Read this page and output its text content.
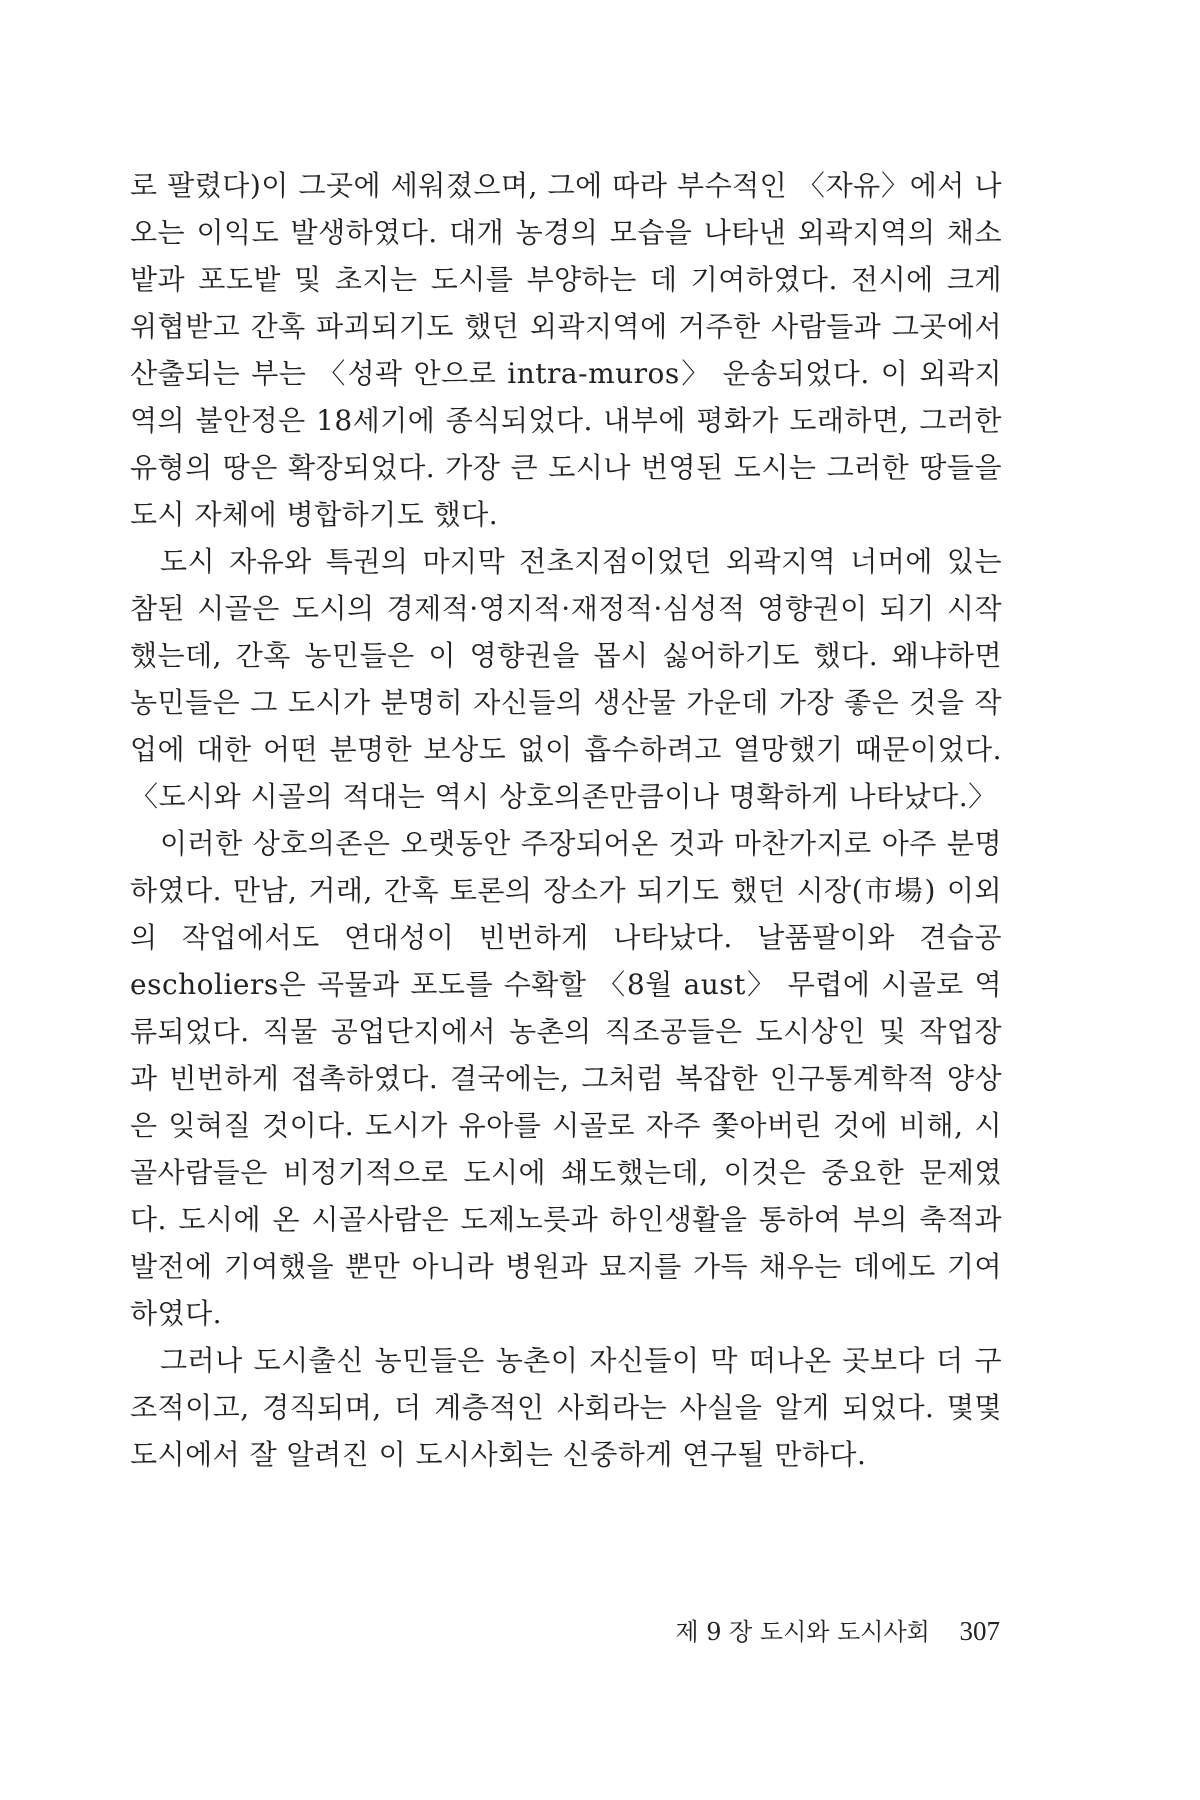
로 팔렸다)이 그곳에 세워졌으며, 그에 따라 부수적인 〈자유〉에서 나오는 이익도 발생하였다. 대개 농경의 모습을 나타낸 외곽지역의 채소밭과 포도밭 및 초지는 도시를 부양하는 데 기여하였다. 전시에 크게 위협받고 간혹 파괴되기도 했던 외곽지역에 거주한 사람들과 그곳에서 산출되는 부는 〈성곽 안으로 intra-muros〉 운송되었다. 이 외곽지역의 불안정은 18세기에 종식되었다. 내부에 평화가 도래하면, 그러한 유형의 땅은 확장되었다. 가장 큰 도시나 번영된 도시는 그러한 땅들을 도시 자체에 병합하기도 했다.

도시 자유와 특권의 마지막 전초지점이었던 외곽지역 너머에 있는 참된 시골은 도시의 경제적·영지적·재정적·심성적 영향권이 되기 시작했는데, 간혹 농민들은 이 영향권을 몹시 싫어하기도 했다. 왜냐하면 농민들은 그 도시가 분명히 자신들의 생산물 가운데 가장 좋은 것을 작업에 대한 어떤 분명한 보상도 없이 흡수하려고 열망했기 때문이었다. 〈도시와 시골의 적대는 역시 상호의존만큼이나 명확하게 나타났다.〉

이러한 상호의존은 오랫동안 주장되어온 것과 마찬가지로 아주 분명하였다. 만남, 거래, 간혹 토론의 장소가 되기도 했던 시장(市場) 이외의 작업에서도 연대성이 빈번하게 나타났다. 날품팔이와 견습공 escholiers은 곡물과 포도를 수확할 〈8월 aust〉 무렵에 시골로 역류되었다. 직물 공업단지에서 농촌의 직조공들은 도시상인 및 작업장과 빈번하게 접촉하였다. 결국에는, 그처럼 복잡한 인구통계학적 양상은 잊혀질 것이다. 도시가 유아를 시골로 자주 쫓아버린 것에 비해, 시골사람들은 비정기적으로 도시에 쇄도했는데, 이것은 중요한 문제였다. 도시에 온 시골사람은 도제노릇과 하인생활을 통하여 부의 축적과 발전에 기여했을 뿐만 아니라 병원과 묘지를 가득 채우는 데에도 기여하였다.

그러나 도시출신 농민들은 농촌이 자신들이 막 떠나온 곳보다 더 구조적이고, 경직되며, 더 계층적인 사회라는 사실을 알게 되었다. 몇몇 도시에서 잘 알려진 이 도시사회는 신중하게 연구될 만하다.

제 9 장 도시와 도시사회 307
